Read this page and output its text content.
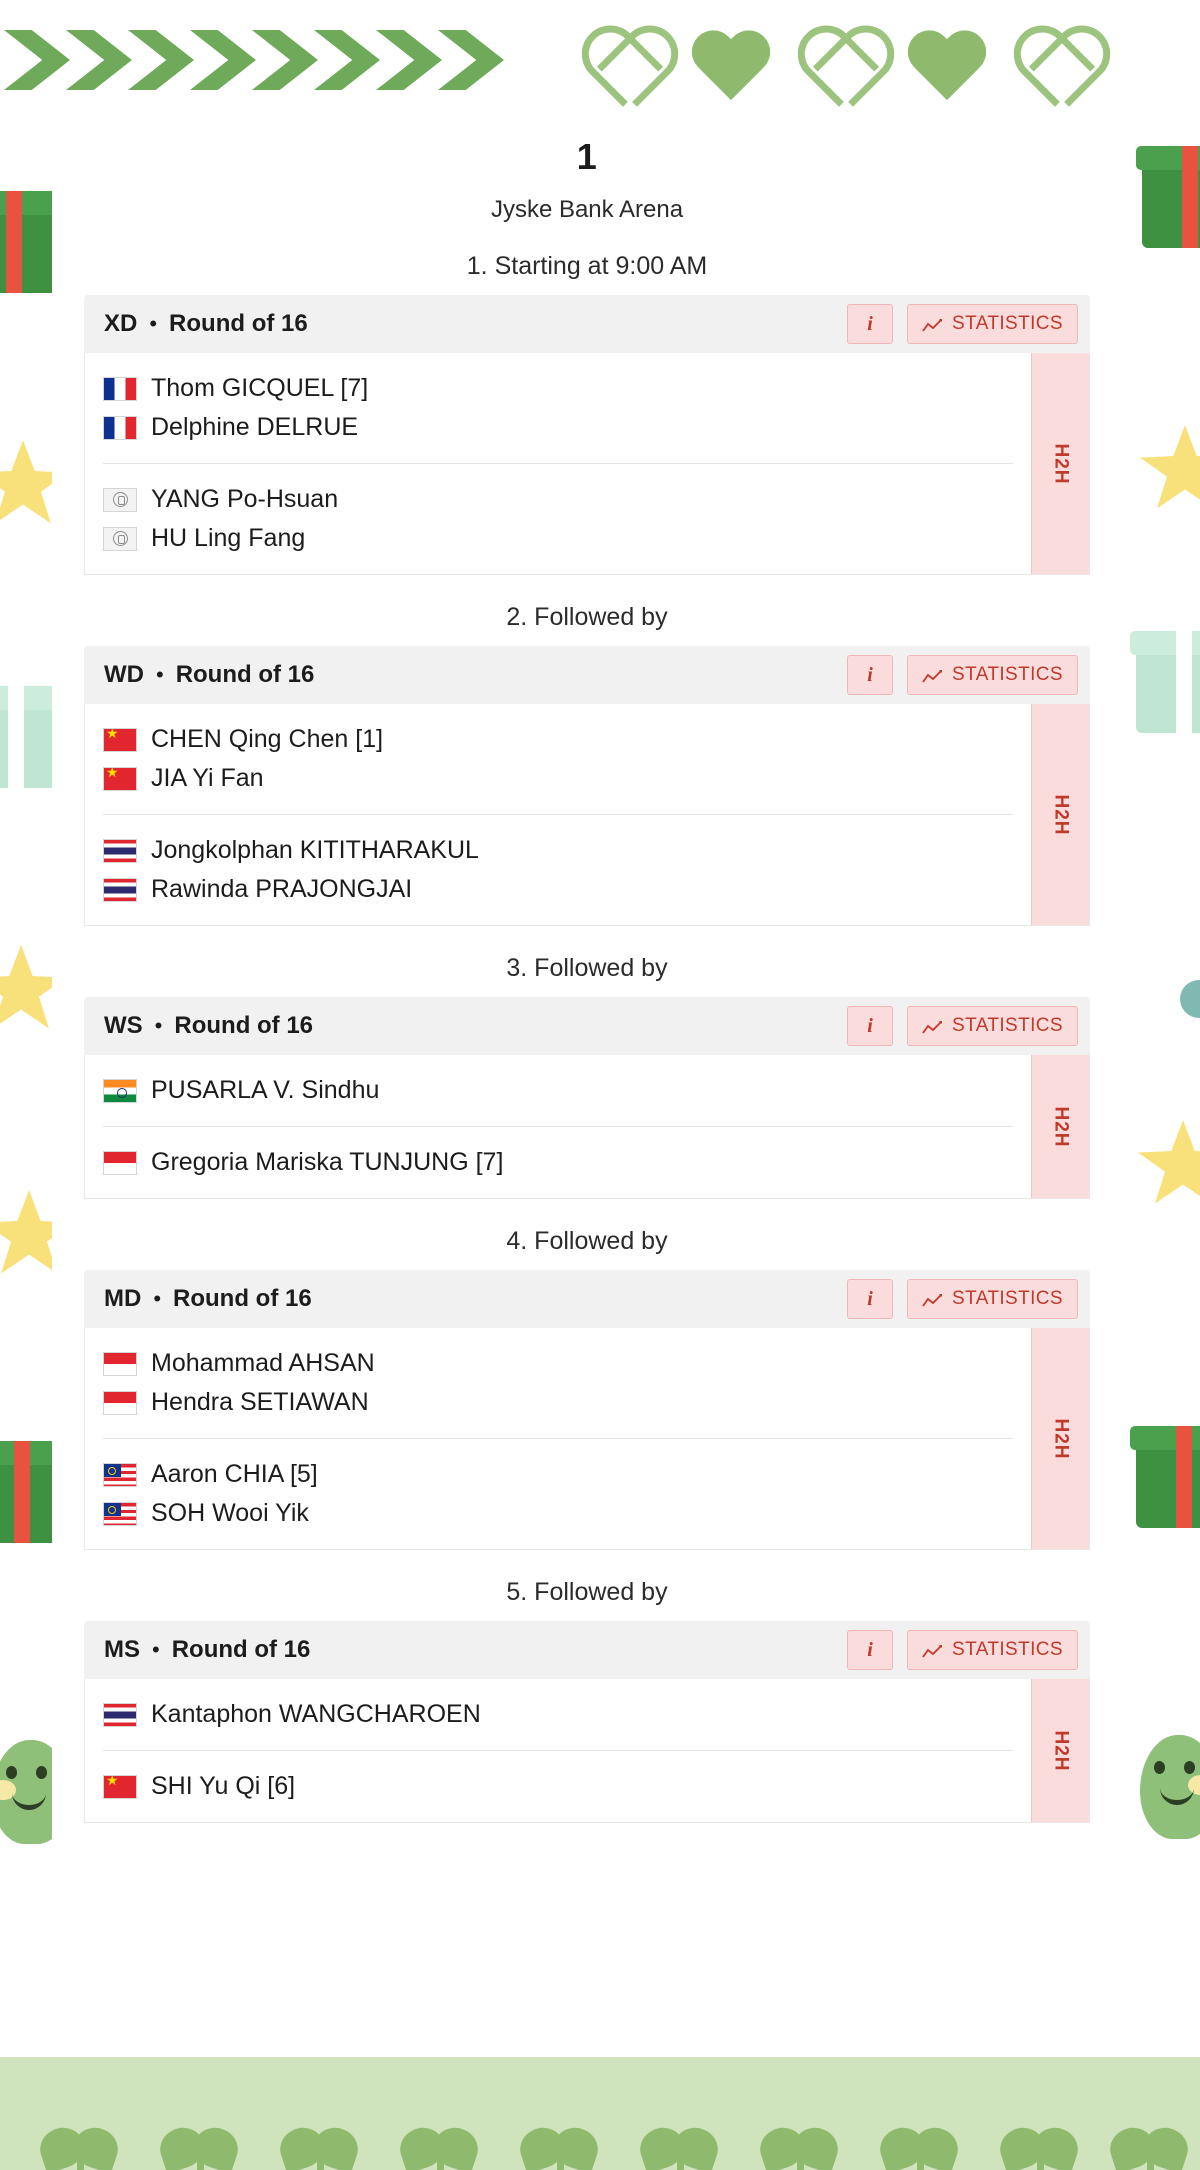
1
Jyske Bank Arena
1. Starting at 9:00 AM
XD • Round of 16	i	STATISTICS
Thom GICQUEL [7]
Delphine DELRUE
YANG Po-Hsuan
HU Ling Fang
H2H
2. Followed by
WD • Round of 16	i	STATISTICS
★
CHEN Qing Chen [1]
★
JIA Yi Fan
Jongkolphan KITITHARAKUL
Rawinda PRAJONGJAI
H2H
3. Followed by
WS • Round of 16	i	STATISTICS
PUSARLA V. Sindhu
Gregoria Mariska TUNJUNG [7]
H2H
4. Followed by
MD • Round of 16	i	STATISTICS
Mohammad AHSAN
Hendra SETIAWAN
Aaron CHIA [5]
SOH Wooi Yik
H2H
5. Followed by
MS • Round of 16	i	STATISTICS
Kantaphon WANGCHAROEN
★
SHI Yu Qi [6]
H2H
